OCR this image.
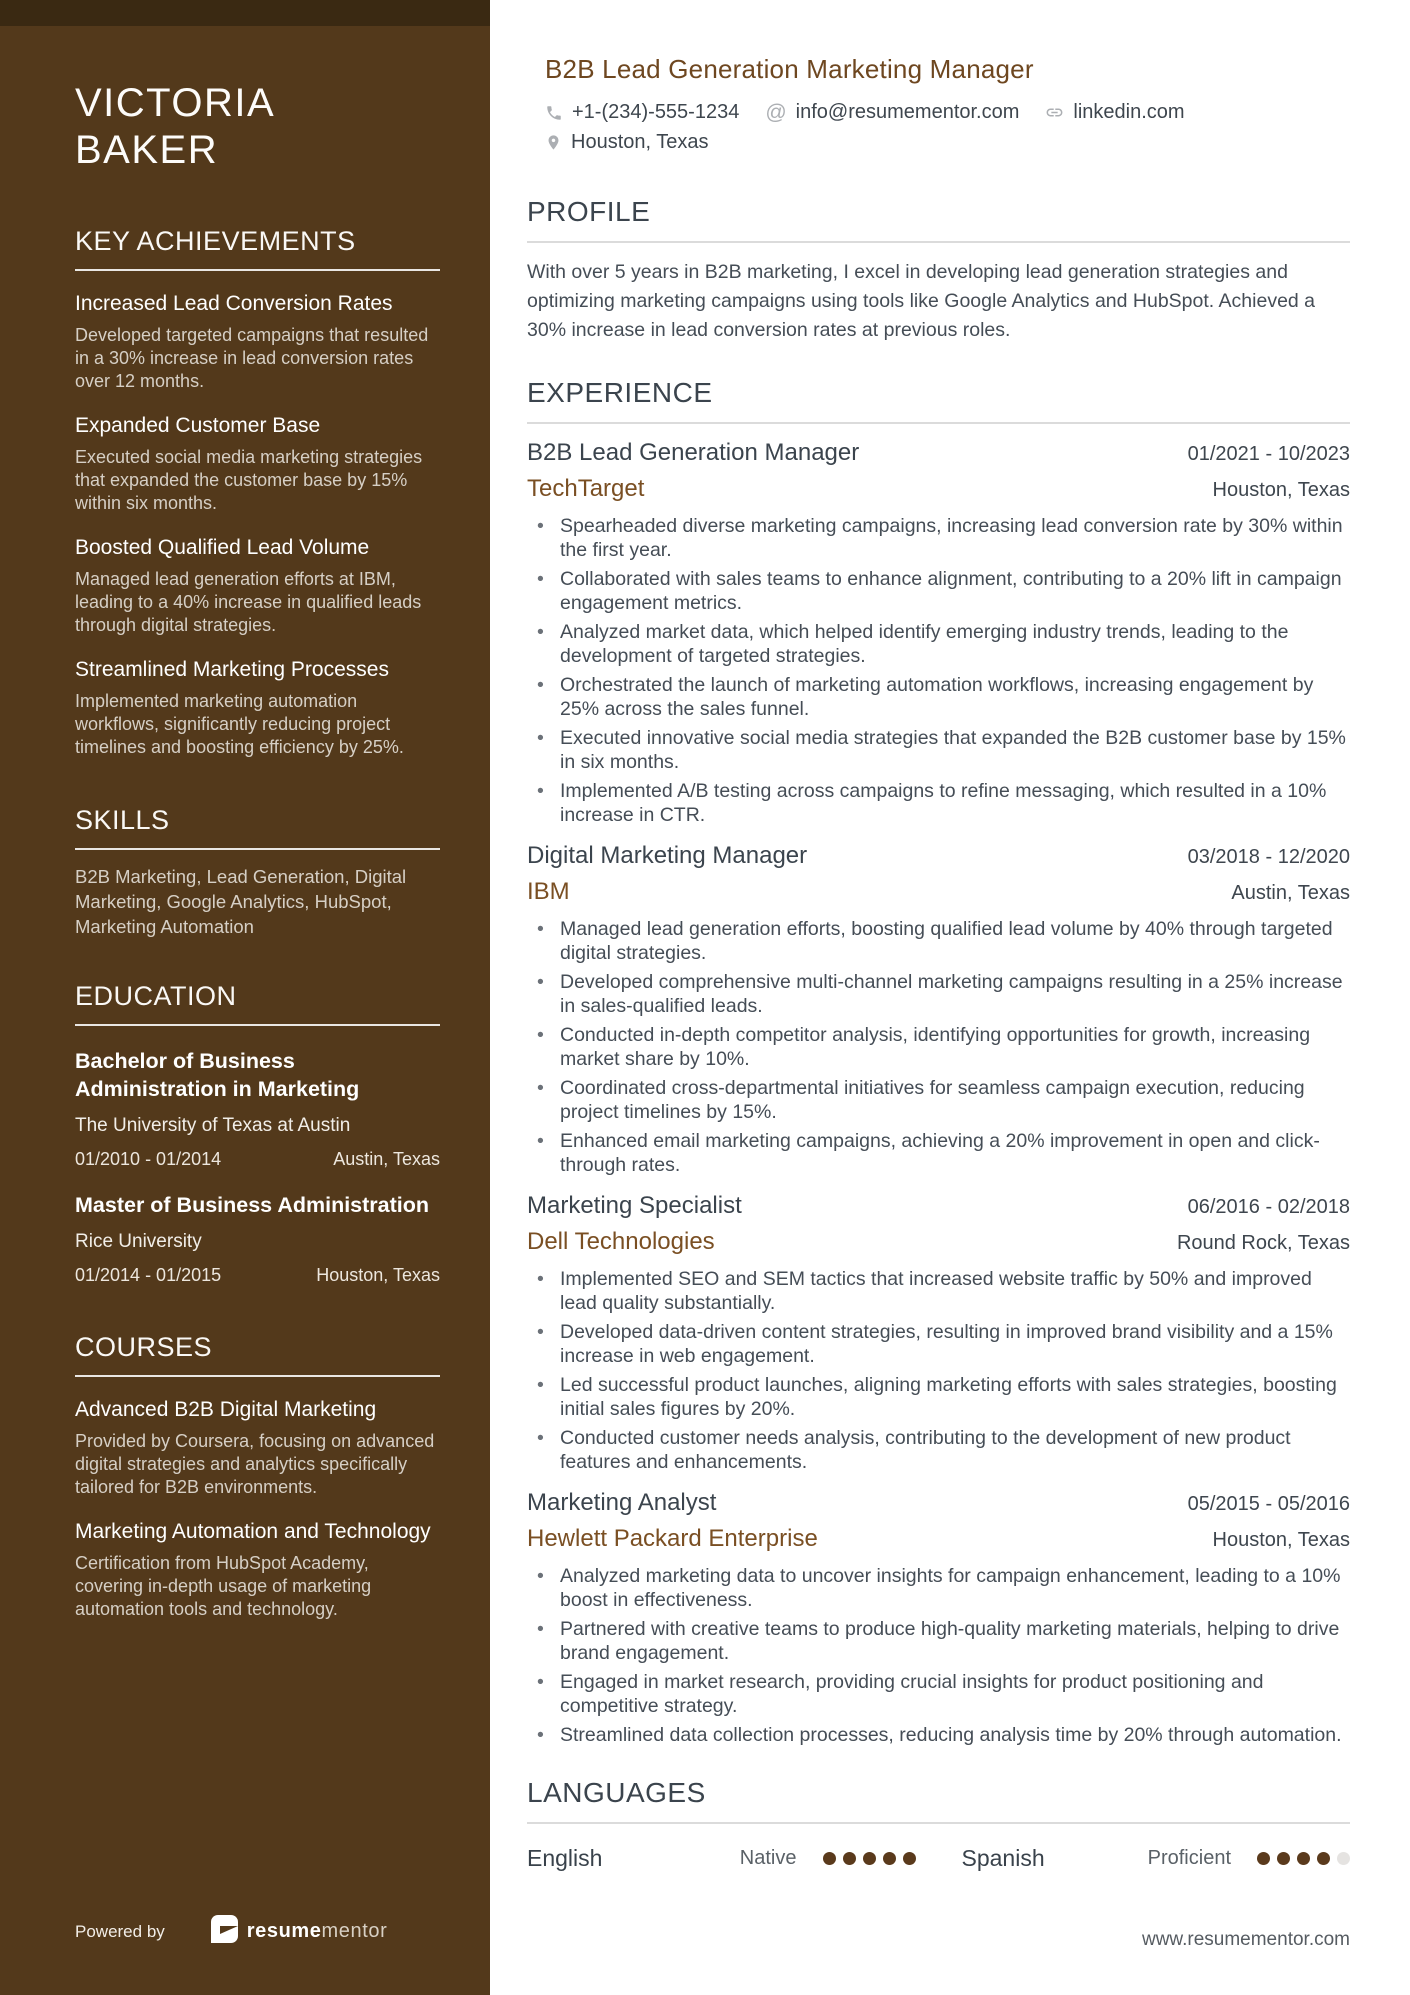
VICTORIA
BAKER
KEY ACHIEVEMENTS
Increased Lead Conversion Rates

Developed targeted campaigns that resulted in a 30% increase in lead conversion rates over 12 months.

Expanded Customer Base

Executed social media marketing strategies that expanded the customer base by 15% within six months.

Boosted Qualified Lead Volume

Managed lead generation efforts at IBM, leading to a 40% increase in qualified leads through digital strategies.

Streamlined Marketing Processes

Implemented marketing automation workflows, significantly reducing project timelines and boosting efficiency by 25%.

SKILLS

B2B Marketing, Lead Generation, Digital Marketing, Google Analytics, HubSpot, Marketing Automation

EDUCATION
Bachelor of Business Administration in Marketing

The University of Texas at Austin

01/2010 - 01/2014	Austin, Texas
Master of Business Administration

Rice University

01/2014 - 01/2015	Houston, Texas
COURSES
Advanced B2B Digital Marketing

Provided by Coursera, focusing on advanced digital strategies and analytics specifically tailored for B2B environments.

Marketing Automation and Technology

Certification from HubSpot Academy, covering in-depth usage of marketing automation tools and technology.

Powered by	resumementor
B2B Lead Generation Marketing Manager
+1-(234)-555-1234 @ info@resumementor.com	linkedin.com
Houston, Texas
PROFILE

With over 5 years in B2B marketing, I excel in developing lead generation strategies and optimizing marketing campaigns using tools like Google Analytics and HubSpot. Achieved a 30% increase in lead conversion rates at previous roles.

EXPERIENCE
B2B Lead Generation Manager	01/2021 - 10/2023
TechTarget	Houston, Texas
• Spearheaded diverse marketing campaigns, increasing lead conversion rate by 30% within the first year.
• Collaborated with sales teams to enhance alignment, contributing to a 20% lift in campaign engagement metrics.
• Analyzed market data, which helped identify emerging industry trends, leading to the development of targeted strategies.
• Orchestrated the launch of marketing automation workflows, increasing engagement by 25% across the sales funnel.
• Executed innovative social media strategies that expanded the B2B customer base by 15% in six months.
• Implemented A/B testing across campaigns to refine messaging, which resulted in a 10% increase in CTR.
Digital Marketing Manager	03/2018 - 12/2020
IBM	Austin, Texas
• Managed lead generation efforts, boosting qualified lead volume by 40% through targeted digital strategies.
• Developed comprehensive multi-channel marketing campaigns resulting in a 25% increase in sales-qualified leads.
• Conducted in-depth competitor analysis, identifying opportunities for growth, increasing market share by 10%.
• Coordinated cross-departmental initiatives for seamless campaign execution, reducing project timelines by 15%.
• Enhanced email marketing campaigns, achieving a 20% improvement in open and click-through rates.
Marketing Specialist	06/2016 - 02/2018
Dell Technologies	Round Rock, Texas
• Implemented SEO and SEM tactics that increased website traffic by 50% and improved lead quality substantially.
• Developed data-driven content strategies, resulting in improved brand visibility and a 15% increase in web engagement.
• Led successful product launches, aligning marketing efforts with sales strategies, boosting initial sales figures by 20%.
• Conducted customer needs analysis, contributing to the development of new product features and enhancements.
Marketing Analyst	05/2015 - 05/2016
Hewlett Packard Enterprise	Houston, Texas
• Analyzed marketing data to uncover insights for campaign enhancement, leading to a 10% boost in effectiveness.
• Partnered with creative teams to produce high-quality marketing materials, helping to drive brand engagement.
• Engaged in market research, providing crucial insights for product positioning and competitive strategy.
• Streamlined data collection processes, reducing analysis time by 20% through automation.
LANGUAGES
English	Native	Spanish	Proficient
www.resumementor.com
